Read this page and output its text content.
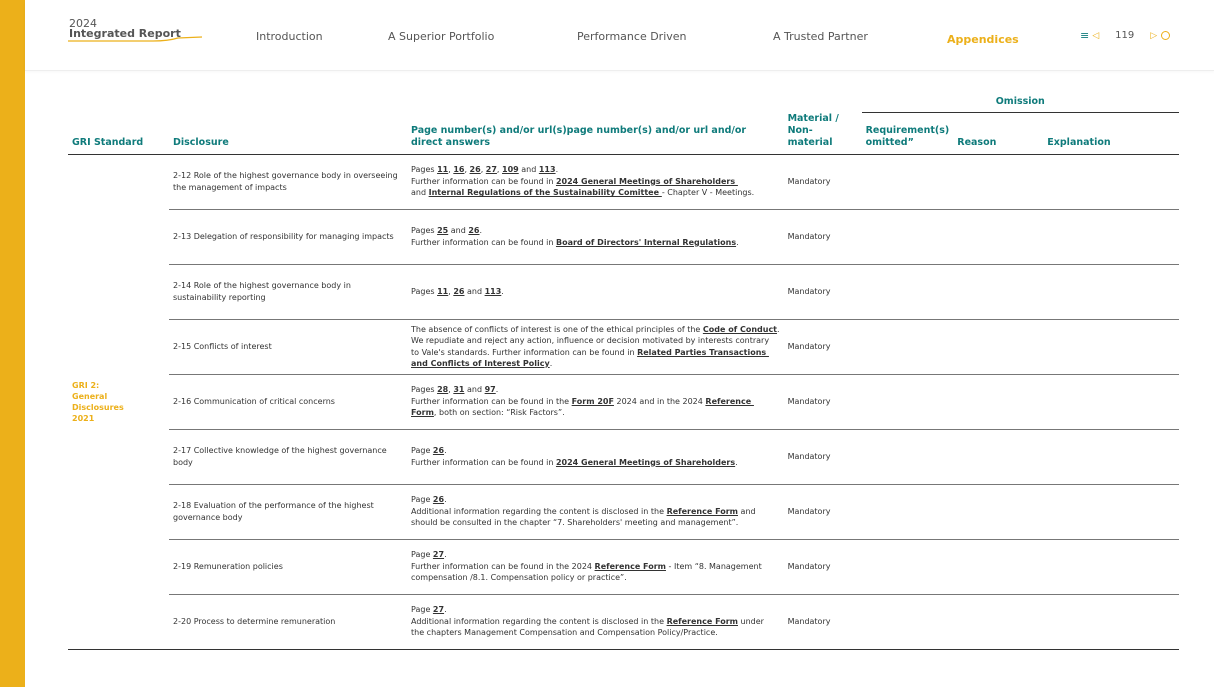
2024
Integrated Report	Introduction	A Superior Portfolio	Performance Driven	A Trusted Partner	Appendices	≡ ◁ 119 ▷
				Omission		
GRI Standard	Disclosure	Page number(s) and/or url(s)page number(s) and/or url and/or direct answers	Material / Non-material	Requirement(s) omitted”	Reason	Explanation
GRI 2: General Disclosures 2021	2-12 Role of the highest governance body in overseeing the management of impacts	Pages 11, 16, 26, 27, 109 and 113.
Further information can be found in 2024 General Meetings of Shareholders
and Internal Regulations of the Sustainability Comittee - Chapter V - Meetings.	Mandatory			
	2-13 Delegation of responsibility for managing impacts	Pages 25 and 26.
Further information can be found in Board of Directors' Internal Regulations.	Mandatory			
	2-14 Role of the highest governance body in sustainability reporting	Pages 11, 26 and 113.	Mandatory			
	2-15 Conflicts of interest	The absence of conflicts of interest is one of the ethical principles of the Code of Conduct.
We repudiate and reject any action, influence or decision motivated by interests contrary
to Vale's standards. Further information can be found in Related Parties Transactions
and Conflicts of Interest Policy.	Mandatory			
	2-16 Communication of critical concerns	Pages 28, 31 and 97.
Further information can be found in the Form 20F 2024 and in the 2024 Reference
Form, both on section: “Risk Factors”.	Mandatory			
	2-17 Collective knowledge of the highest governance body	Page 26.
Further information can be found in 2024 General Meetings of Shareholders.	Mandatory			
	2-18 Evaluation of the performance of the highest governance body	Page 26.
Additional information regarding the content is disclosed in the Reference Form and
should be consulted in the chapter “7. Shareholders' meeting and management”.	Mandatory			
	2-19 Remuneration policies	Page 27.
Further information can be found in the 2024 Reference Form - Item “8. Management
compensation /8.1. Compensation policy or practice”.	Mandatory			
	2-20 Process to determine remuneration	Page 27.
Additional information regarding the content is disclosed in the Reference Form under
the chapters Management Compensation and Compensation Policy/Practice.	Mandatory			
